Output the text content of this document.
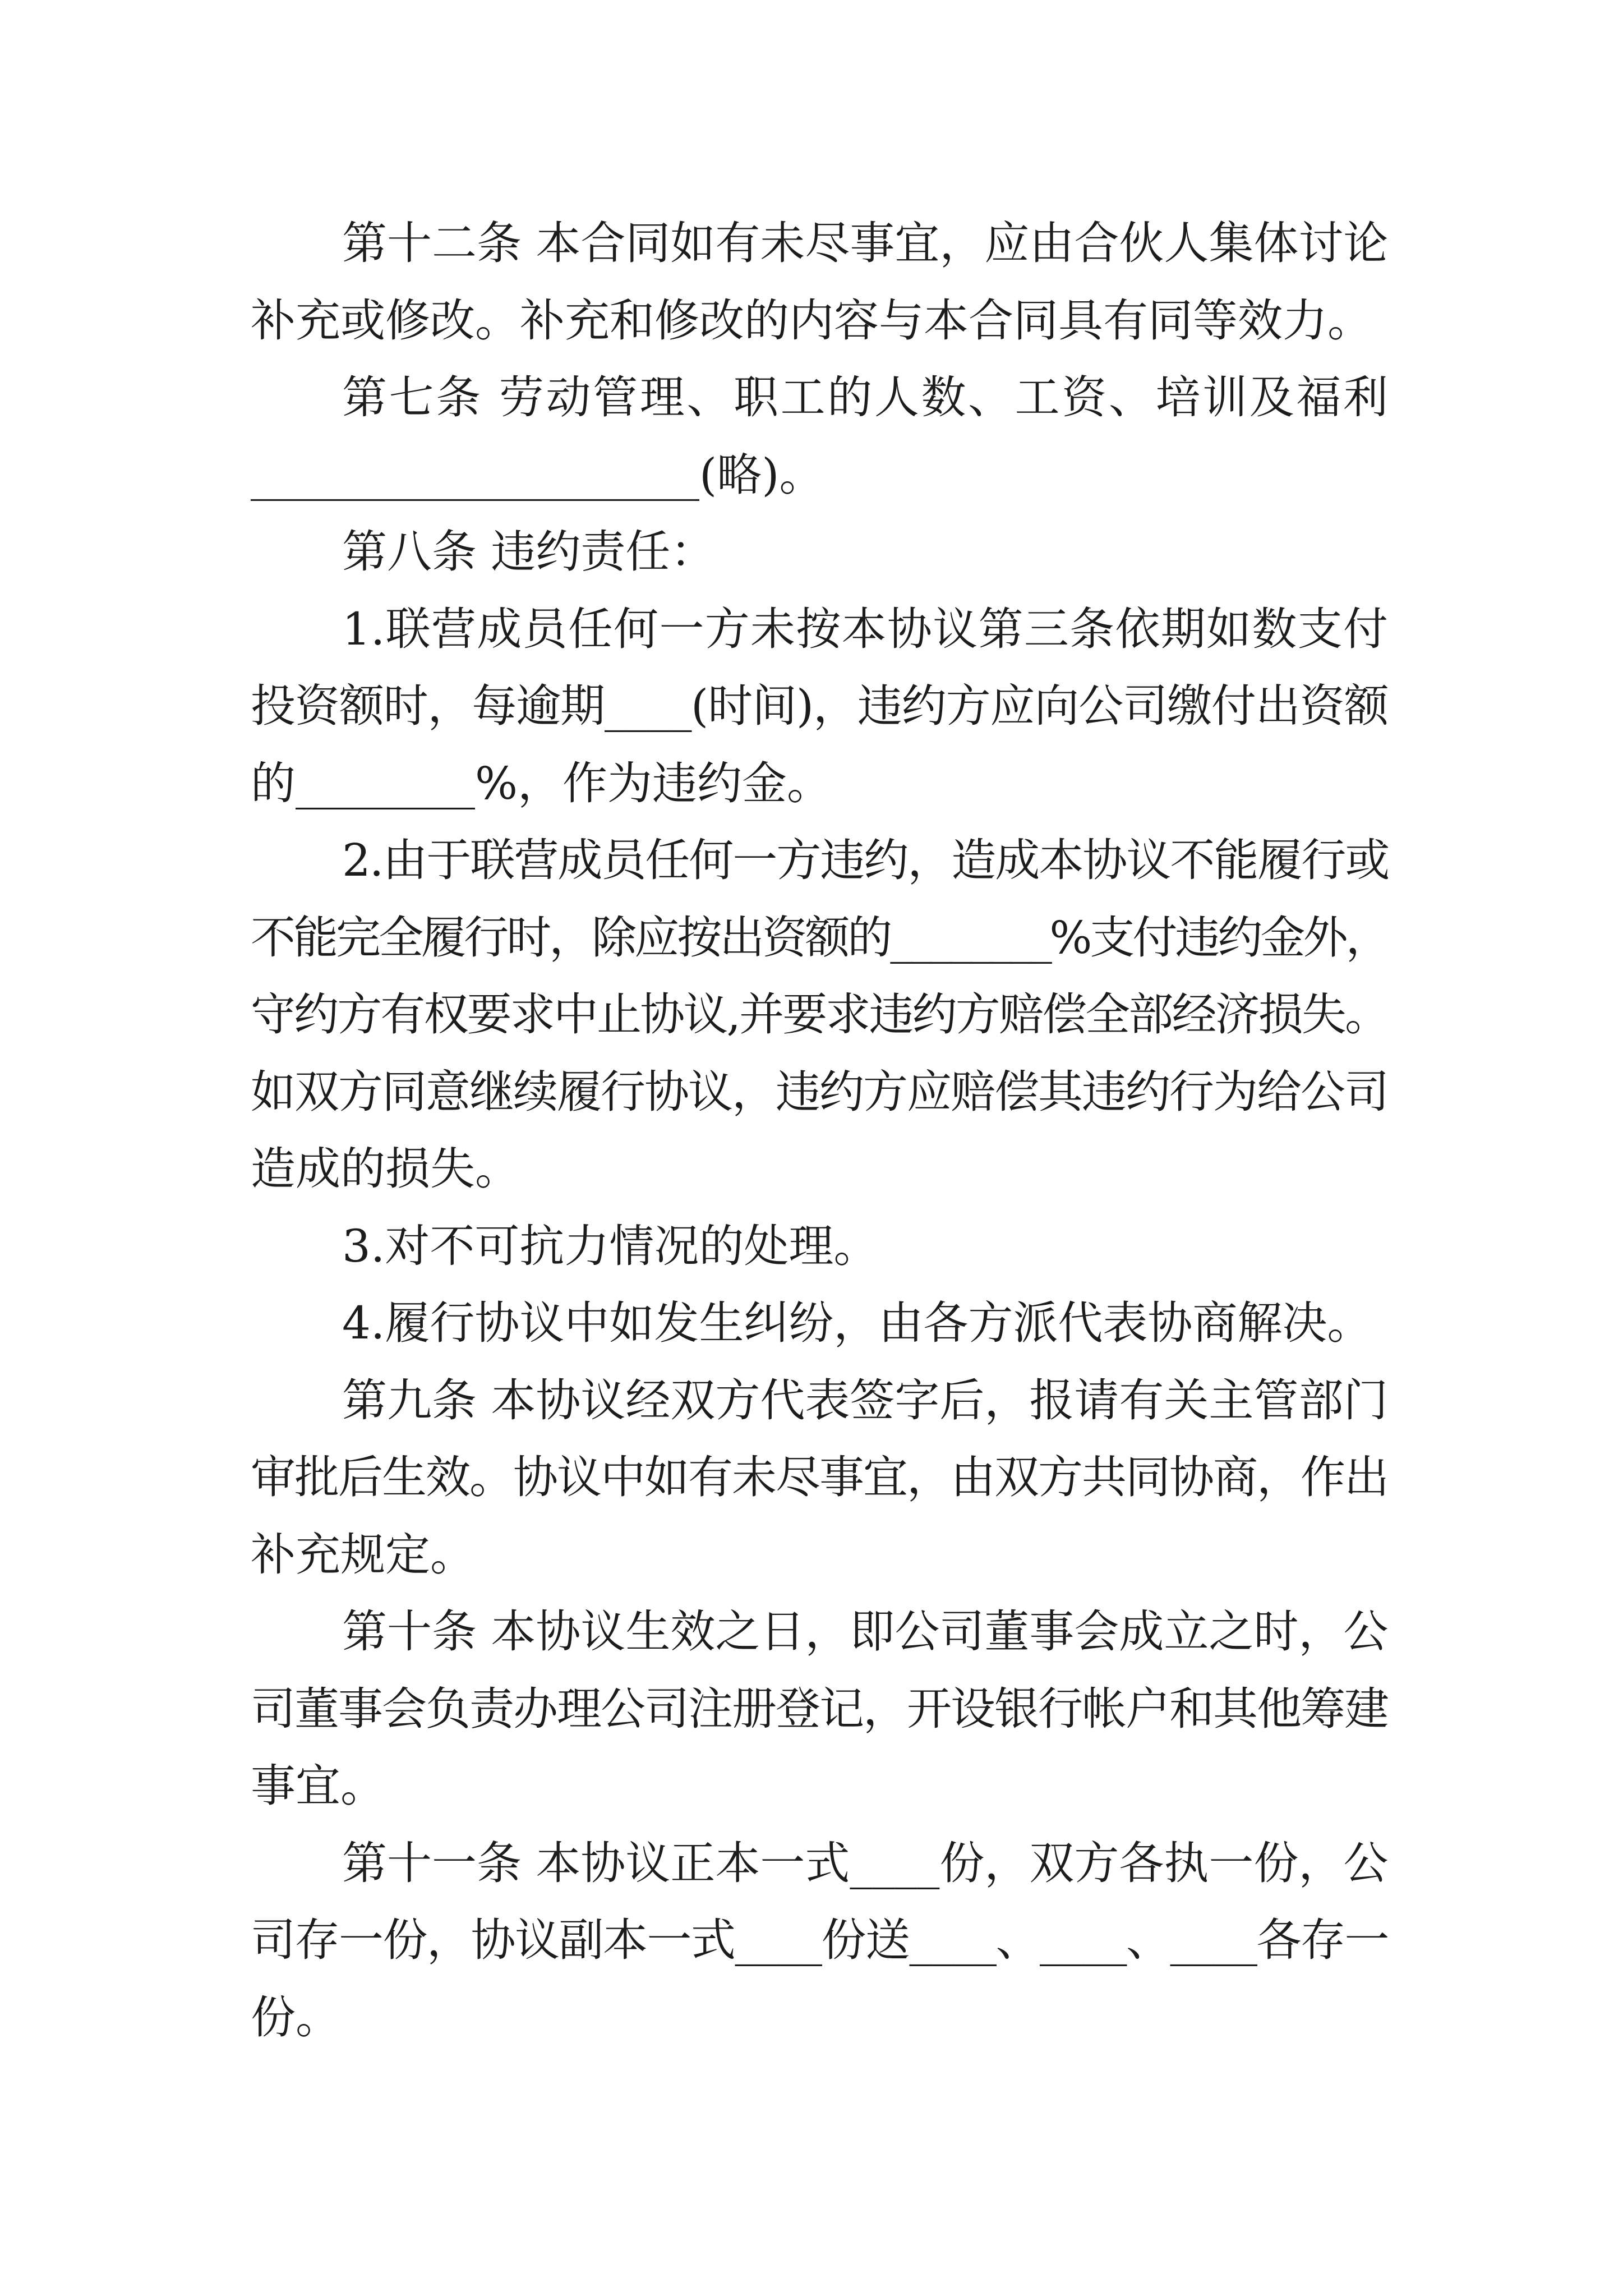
第十二条 本合同如有未尽事宜，应由合伙人集体讨论
补充或修改。补充和修改的内容与本合同具有同等效力。
第七条 劳动管理、职工的人数、工资、培训及福利
____________________(略)。
第八条 违约责任：
1.联营成员任何一方未按本协议第三条依期如数支付
投资额时，每逾期____(时间)，违约方应向公司缴付出资额
的________%，作为违约金。
2.由于联营成员任何一方违约，造成本协议不能履行或
不能完全履行时，除应按出资额的________%支付违约金外，
守约方有权要求中止协议,并要求违约方赔偿全部经济损失。
如双方同意继续履行协议，违约方应赔偿其违约行为给公司
造成的损失。
3.对不可抗力情况的处理。
4.履行协议中如发生纠纷，由各方派代表协商解决。
第九条 本协议经双方代表签字后，报请有关主管部门
审批后生效。协议中如有未尽事宜，由双方共同协商，作出
补充规定。
第十条 本协议生效之日，即公司董事会成立之时，公
司董事会负责办理公司注册登记，开设银行帐户和其他筹建
事宜。
第十一条 本协议正本一式____份，双方各执一份，公
司存一份，协议副本一式____份送____、____、____各存一
份。
